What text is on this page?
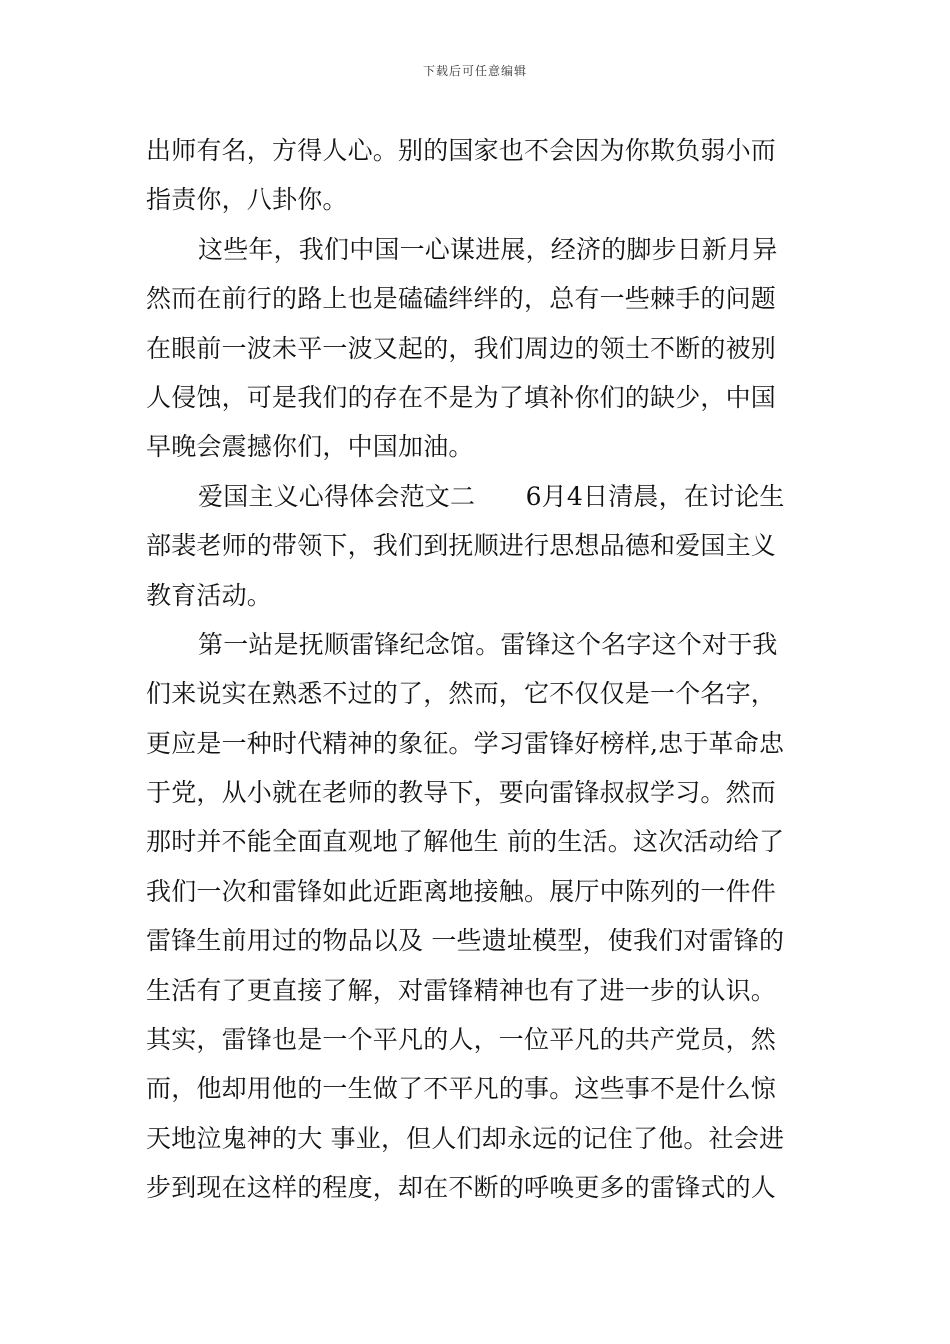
下载后可任意编辑
出师有名，方得人心。别的国家也不会因为你欺负弱小而
指责你，八卦你。
这些年，我们中国一心谋进展，经济的脚步日新月异
然而在前行的路上也是磕磕绊绊的，总有一些棘手的问题
在眼前一波未平一波又起的，我们周边的领土不断的被别
人侵蚀，可是我们的存在不是为了填补你们的缺少，中国
早晚会震撼你们，中国加油。
爱国主义心得体会范文二　　6月4日清晨，在讨论生
部裴老师的带领下，我们到抚顺进行思想品德和爱国主义
教育活动。
第一站是抚顺雷锋纪念馆。雷锋这个名字这个对于我
们来说实在熟悉不过的了，然而，它不仅仅是一个名字，
更应是一种时代精神的象征。学习雷锋好榜样,忠于革命忠
于党，从小就在老师的教导下，要向雷锋叔叔学习。然而
那时并不能全面直观地了解他生 前的生活。这次活动给了
我们一次和雷锋如此近距离地接触。展厅中陈列的一件件
雷锋生前用过的物品以及 一些遗址模型，使我们对雷锋的
生活有了更直接了解，对雷锋精神也有了进一步的认识。
其实，雷锋也是一个平凡的人，一位平凡的共产党员，然
而，他却用他的一生做了不平凡的事。这些事不是什么惊
天地泣鬼神的大 事业，但人们却永远的记住了他。社会进
步到现在这样的程度，却在不断的呼唤更多的雷锋式的人
